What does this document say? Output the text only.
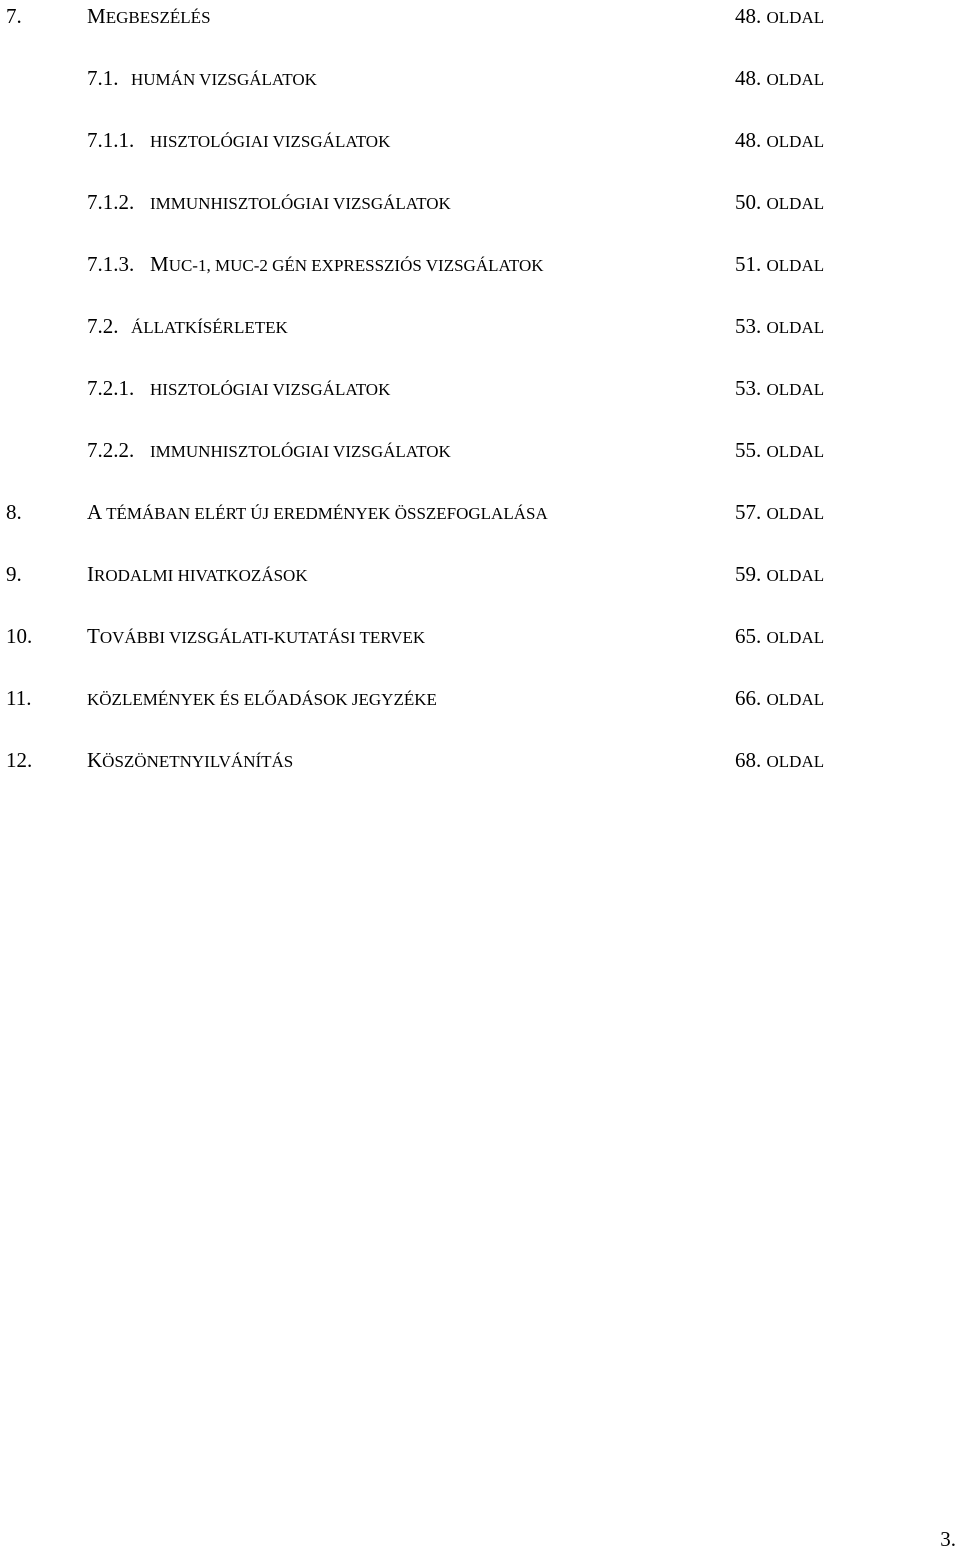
7.	MEGBESZÉLÉS	48. OLDAL
7.1. HUMÁN VIZSGÁLATOK	48. OLDAL
7.1.1. HISZTOLÓGIAI VIZSGÁLATOK	48. OLDAL
7.1.2. IMMUNHISZTOLÓGIAI VIZSGÁLATOK	50. OLDAL
7.1.3. MUC-1, MUC-2 GÉN EXPRESSZIÓS VIZSGÁLATOK	51. OLDAL
7.2. ÁLLATKÍSÉRLETEK	53. OLDAL
7.2.1. HISZTOLÓGIAI VIZSGÁLATOK	53. OLDAL
7.2.2. IMMUNHISZTOLÓGIAI VIZSGÁLATOK	55. OLDAL
8.	A TÉMÁBAN ELÉRT ÚJ EREDMÉNYEK ÖSSZEFOGLALÁSA	57. OLDAL
9.	IRODALMI HIVATKOZÁSOK	59. OLDAL
10.	TOVÁBBI VIZSGÁLATI-KUTATÁSI TERVEK	65. OLDAL
11.	KÖZLEMÉNYEK ÉS ELŐADÁSOK JEGYZÉKE	66. OLDAL
12.	KÖSZÖNETNYILVÁNÍTÁS	68. OLDAL
3.
